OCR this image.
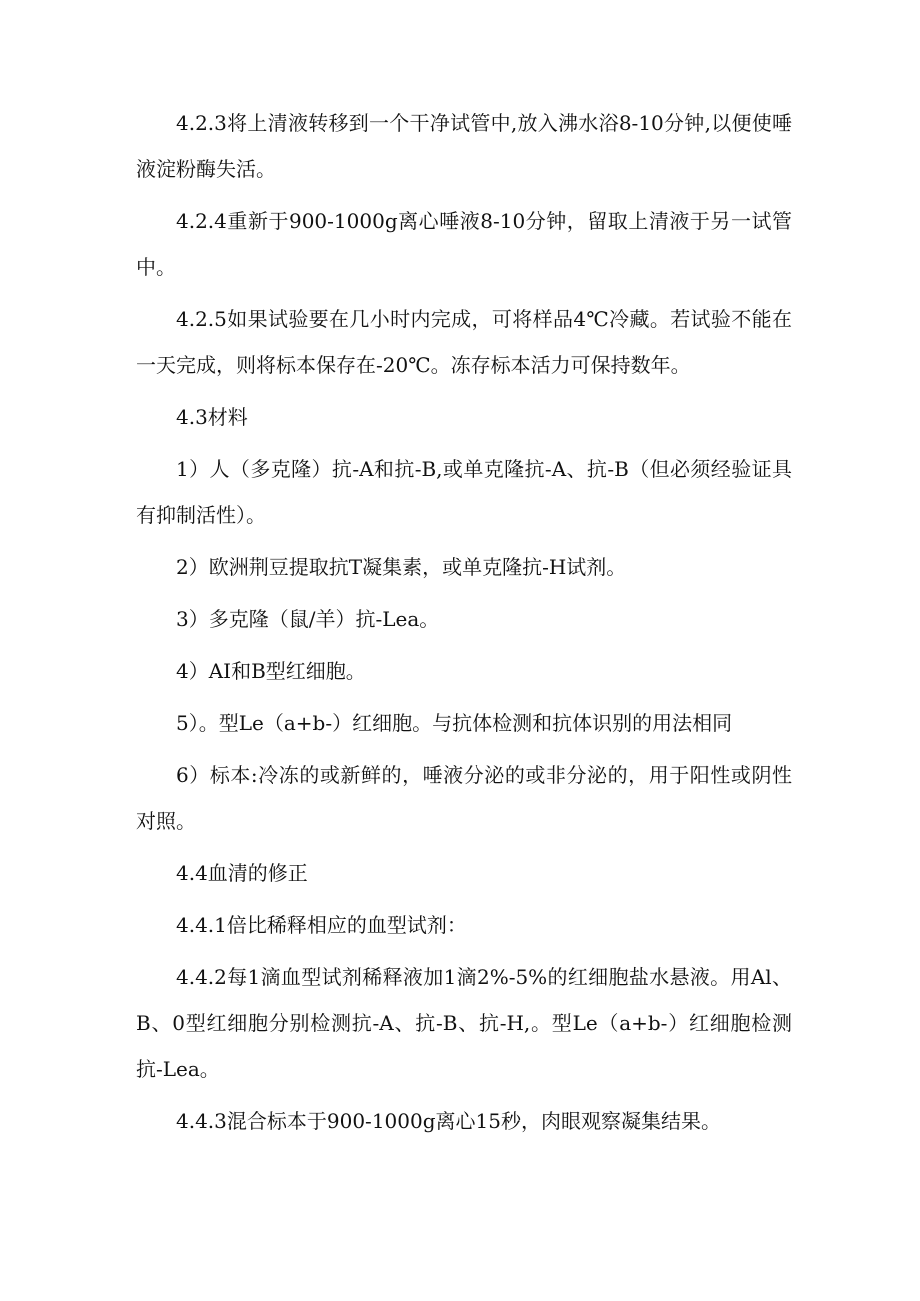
4.2.3将上清液转移到一个干净试管中,放入沸水浴8-10分钟,以便使唾液淀粉酶失活。

4.2.4重新于900-1000g离心唾液8-10分钟，留取上清液于另一试管中。

4.2.5如果试验要在几小时内完成，可将样品4℃冷藏。若试验不能在一天完成，则将标本保存在-20℃。冻存标本活力可保持数年。

4.3材料

1）人（多克隆）抗-A和抗-B,或单克隆抗-A、抗-B（但必须经验证具有抑制活性）。

2）欧洲荆豆提取抗T凝集素，或单克隆抗-H试剂。

3）多克隆（鼠/羊）抗-Lea。

4）AI和B型红细胞。

5）。型Le（a+b-）红细胞。与抗体检测和抗体识别的用法相同

6）标本:冷冻的或新鲜的，唾液分泌的或非分泌的，用于阳性或阴性对照。

4.4血清的修正

4.4.1倍比稀释相应的血型试剂：

4.4.2每1滴血型试剂稀释液加1滴2%-5%的红细胞盐水悬液。用Al、B、0型红细胞分别检测抗-A、抗-B、抗-H,。型Le（a+b-）红细胞检测抗-Lea。

4.4.3混合标本于900-1000g离心15秒，肉眼观察凝集结果。
